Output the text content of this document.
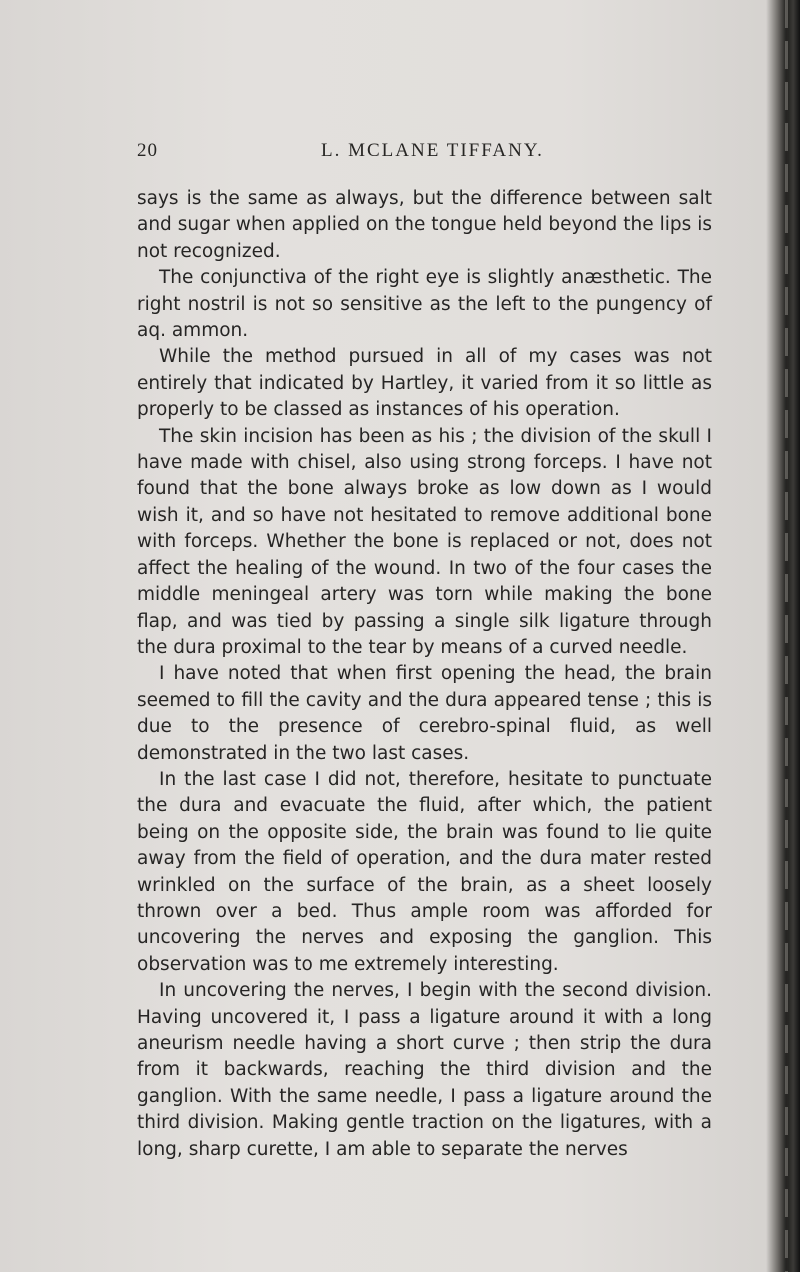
20	L. MCLANE TIFFANY.

says is the same as always, but the difference between salt and sugar when applied on the tongue held beyond the lips is not recognized.

The conjunctiva of the right eye is slightly anæsthetic. The right nostril is not so sensitive as the left to the pungency of aq. ammon.

While the method pursued in all of my cases was not entirely that indicated by Hartley, it varied from it so little as properly to be classed as instances of his operation.

The skin incision has been as his ; the division of the skull I have made with chisel, also using strong forceps. I have not found that the bone always broke as low down as I would wish it, and so have not hesitated to remove additional bone with forceps. Whether the bone is replaced or not, does not affect the healing of the wound. In two of the four cases the middle meningeal artery was torn while making the bone flap, and was tied by passing a single silk ligature through the dura proximal to the tear by means of a curved needle.

I have noted that when first opening the head, the brain seemed to fill the cavity and the dura appeared tense ; this is due to the presence of cerebro-spinal fluid, as well demonstrated in the two last cases.

In the last case I did not, therefore, hesitate to punctuate the dura and evacuate the fluid, after which, the patient being on the opposite side, the brain was found to lie quite away from the field of operation, and the dura mater rested wrinkled on the surface of the brain, as a sheet loosely thrown over a bed. Thus ample room was afforded for uncovering the nerves and exposing the ganglion. This observation was to me extremely interesting.

In uncovering the nerves, I begin with the second division. Having uncovered it, I pass a ligature around it with a long aneurism needle having a short curve ; then strip the dura from it backwards, reaching the third division and the ganglion. With the same needle, I pass a ligature around the third division. Making gentle traction on the ligatures, with a long, sharp curette, I am able to separate the nerves
